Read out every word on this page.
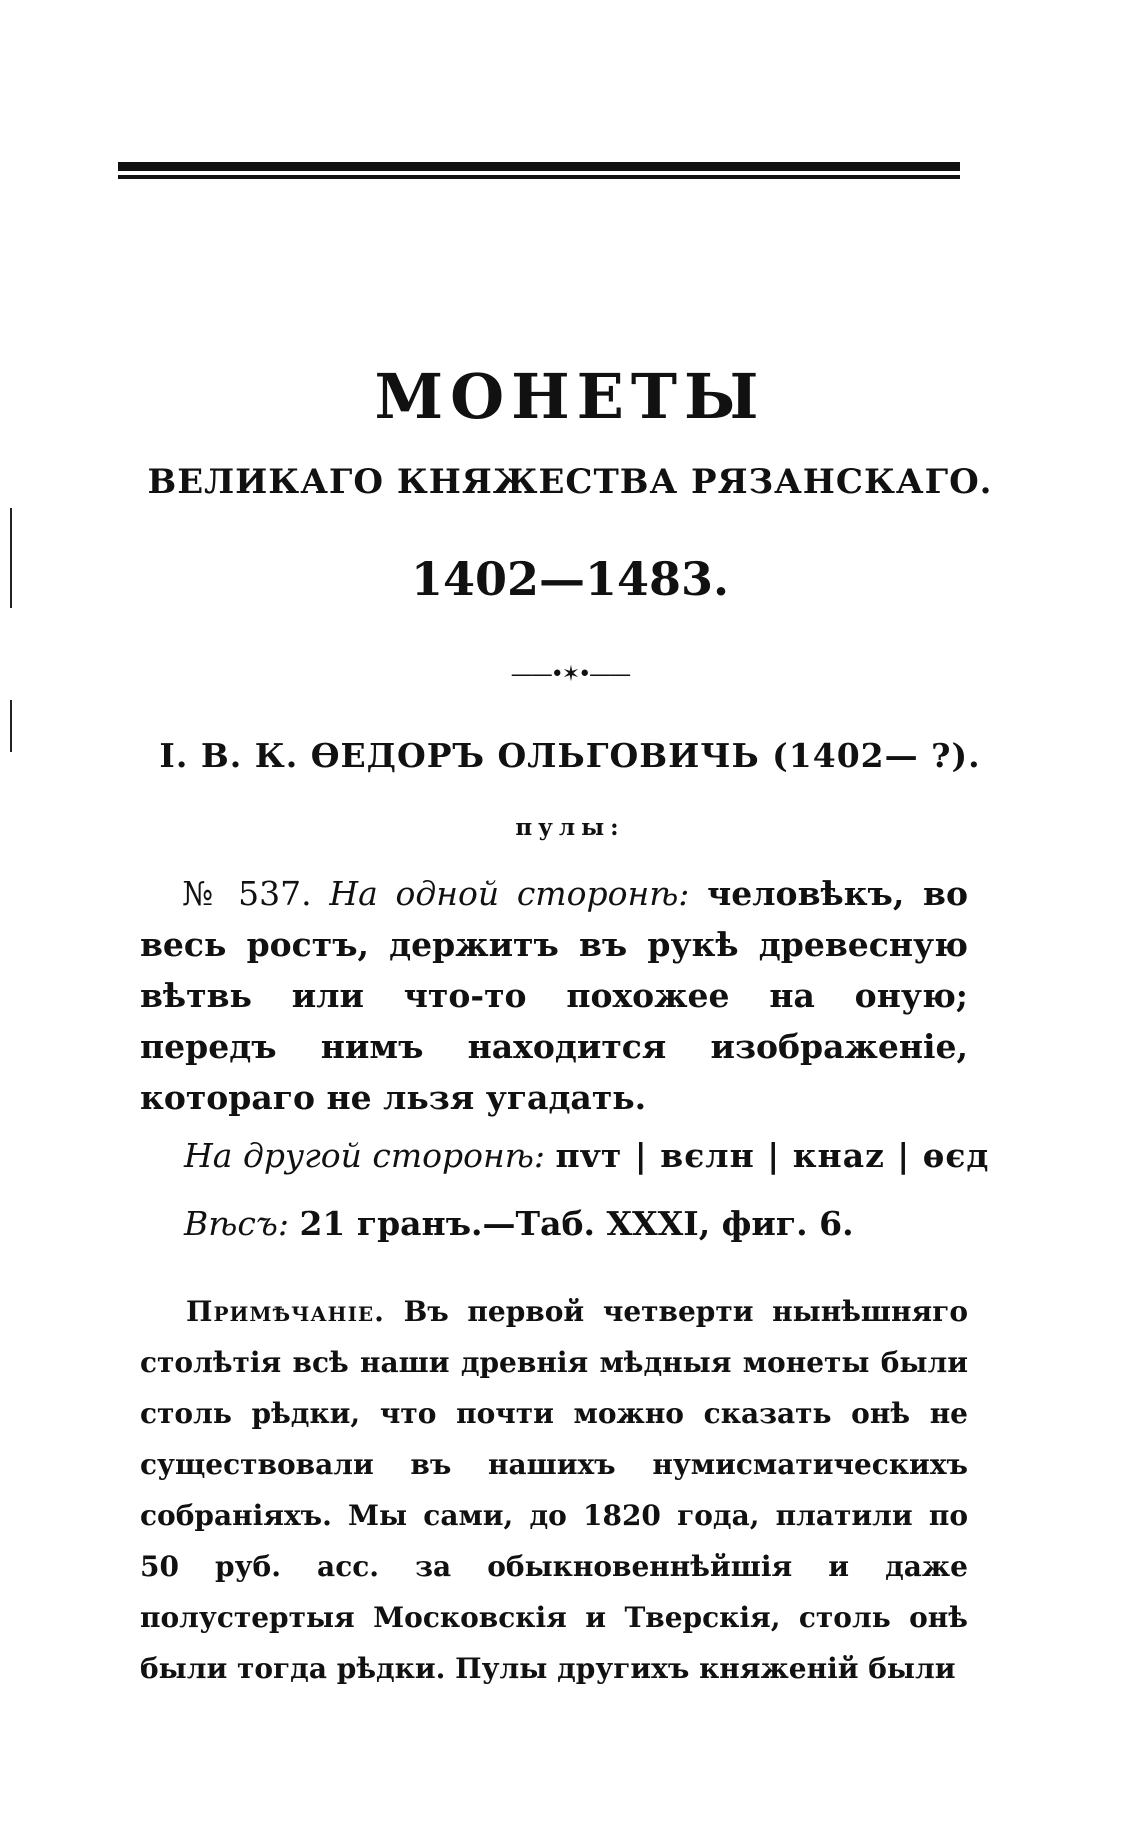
МОНЕТЫ
ВЕЛИКАГО КНЯЖЕСТВА РЯЗАНСКАГО.
1402—1483.
——•✶•——
I. В. К. ѲЕДОРЪ ОЛЬГОВИЧЬ (1402— ?).
пулы:
№ 537. На одной сторонѣ: человѣкъ, во весь ростъ, держитъ въ рукѣ древесную вѣтвь или что-то похожее на оную; передъ нимъ находится изображеніе, котораго не льзя угадать.
На другой сторонѣ: пvт | вєлн | кнаz | ѳєд
Вѣсъ: 21 гранъ.—Таб. XXXI, фиг. 6.
Примѣчаніе. Въ первой четверти нынѣшняго столѣтія всѣ наши древнія мѣдныя монеты были столь рѣдки, что почти можно сказать онѣ не существовали въ нашихъ нумисматическихъ собраніяхъ. Мы сами, до 1820 года, платили по 50 руб. асс. за обыкновеннѣйшія и даже полустертыя Московскія и Тверскія, столь онѣ были тогда рѣдки. Пулы другихъ княженій были
